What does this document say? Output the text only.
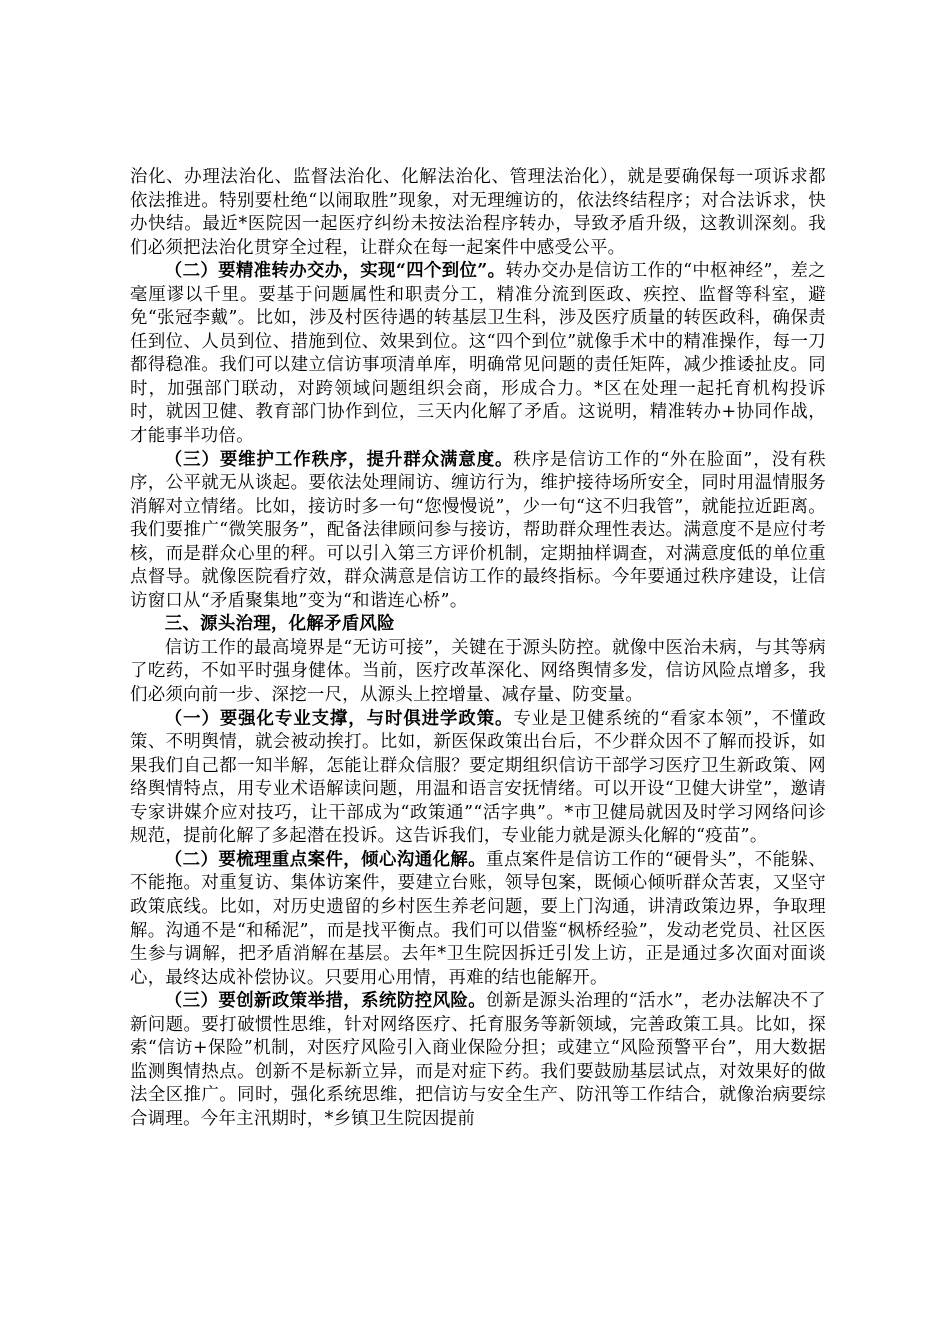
治化、办理法治化、监督法治化、化解法治化、管理法治化），就是要确保每一项诉求都依法推进。特别要杜绝“以闹取胜”现象，对无理缠访的，依法终结程序；对合法诉求，快办快结。最近*医院因一起医疗纠纷未按法治程序转办，导致矛盾升级，这教训深刻。我们必须把法治化贯穿全过程，让群众在每一起案件中感受公平。

（二）要精准转办交办，实现“四个到位”。转办交办是信访工作的“中枢神经”，差之毫厘谬以千里。要基于问题属性和职责分工，精准分流到医政、疾控、监督等科室，避免“张冠李戴”。比如，涉及村医待遇的转基层卫生科，涉及医疗质量的转医政科，确保责任到位、人员到位、措施到位、效果到位。这“四个到位”就像手术中的精准操作，每一刀都得稳准。我们可以建立信访事项清单库，明确常见问题的责任矩阵，减少推诿扯皮。同时，加强部门联动，对跨领域问题组织会商，形成合力。*区在处理一起托育机构投诉时，就因卫健、教育部门协作到位，三天内化解了矛盾。这说明，精准转办+协同作战，才能事半功倍。

（三）要维护工作秩序，提升群众满意度。秩序是信访工作的“外在脸面”，没有秩序，公平就无从谈起。要依法处理闹访、缠访行为，维护接待场所安全，同时用温情服务消解对立情绪。比如，接访时多一句“您慢慢说”，少一句“这不归我管”，就能拉近距离。我们要推广“微笑服务”，配备法律顾问参与接访，帮助群众理性表达。满意度不是应付考核，而是群众心里的秤。可以引入第三方评价机制，定期抽样调查，对满意度低的单位重点督导。就像医院看疗效，群众满意是信访工作的最终指标。今年要通过秩序建设，让信访窗口从“矛盾聚集地”变为“和谐连心桥”。

三、源头治理，化解矛盾风险

信访工作的最高境界是“无访可接”，关键在于源头防控。就像中医治未病，与其等病了吃药，不如平时强身健体。当前，医疗改革深化、网络舆情多发，信访风险点增多，我们必须向前一步、深挖一尺，从源头上控增量、减存量、防变量。

（一）要强化专业支撑，与时俱进学政策。专业是卫健系统的“看家本领”，不懂政策、不明舆情，就会被动挨打。比如，新医保政策出台后，不少群众因不了解而投诉，如果我们自己都一知半解，怎能让群众信服？要定期组织信访干部学习医疗卫生新政策、网络舆情特点，用专业术语解读问题，用温和语言安抚情绪。可以开设“卫健大讲堂”，邀请专家讲媒介应对技巧，让干部成为“政策通”“活字典”。*市卫健局就因及时学习网络问诊规范，提前化解了多起潜在投诉。这告诉我们，专业能力就是源头化解的“疫苗”。

（二）要梳理重点案件，倾心沟通化解。重点案件是信访工作的“硬骨头”，不能躲、不能拖。对重复访、集体访案件，要建立台账，领导包案，既倾心倾听群众苦衷，又坚守政策底线。比如，对历史遗留的乡村医生养老问题，要上门沟通，讲清政策边界，争取理解。沟通不是“和稀泥”，而是找平衡点。我们可以借鉴“枫桥经验”，发动老党员、社区医生参与调解，把矛盾消解在基层。去年*卫生院因拆迁引发上访，正是通过多次面对面谈心，最终达成补偿协议。只要用心用情，再难的结也能解开。

（三）要创新政策举措，系统防控风险。创新是源头治理的“活水”，老办法解决不了新问题。要打破惯性思维，针对网络医疗、托育服务等新领域，完善政策工具。比如，探索“信访+保险”机制，对医疗风险引入商业保险分担；或建立“风险预警平台”，用大数据监测舆情热点。创新不是标新立异，而是对症下药。我们要鼓励基层试点，对效果好的做法全区推广。同时，强化系统思维，把信访与安全生产、防汛等工作结合，就像治病要综合调理。今年主汛期时，*乡镇卫生院因提前
